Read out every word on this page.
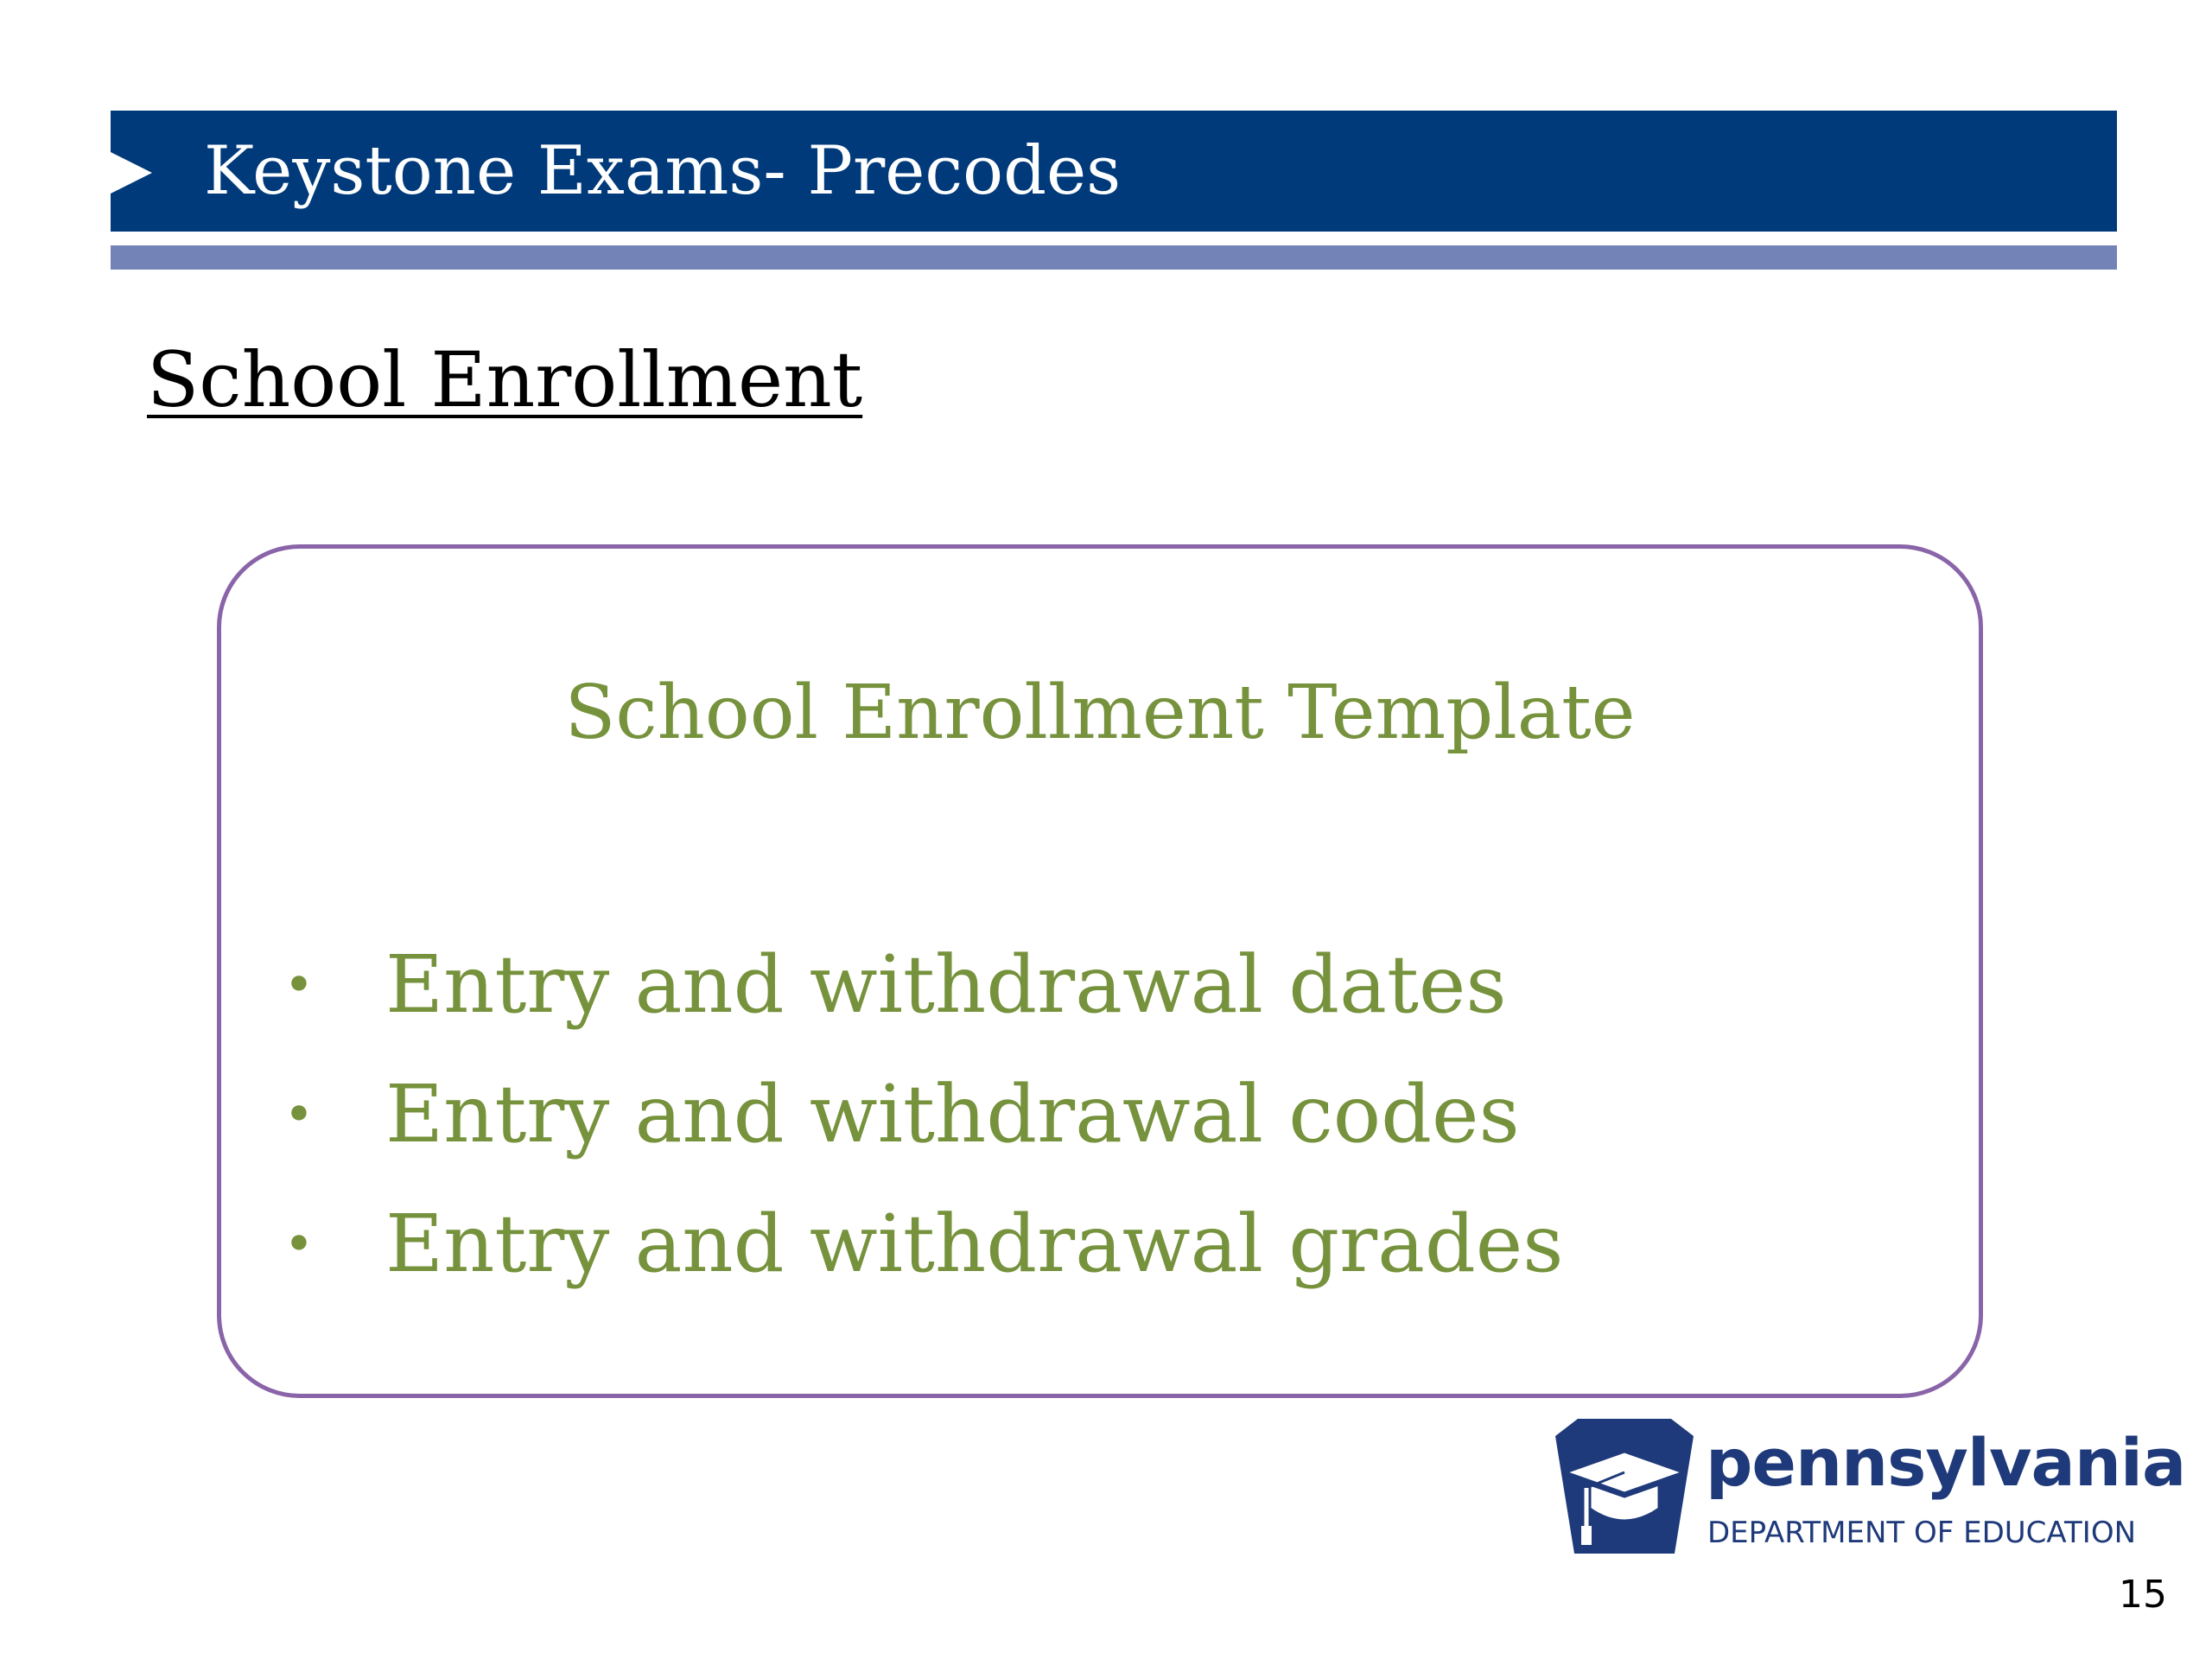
Keystone Exams- Precodes
School Enrollment
School Enrollment Template
• Entry and withdrawal dates
• Entry and withdrawal codes
• Entry and withdrawal grades
pennsylvania
DEPARTMENT OF EDUCATION
15
